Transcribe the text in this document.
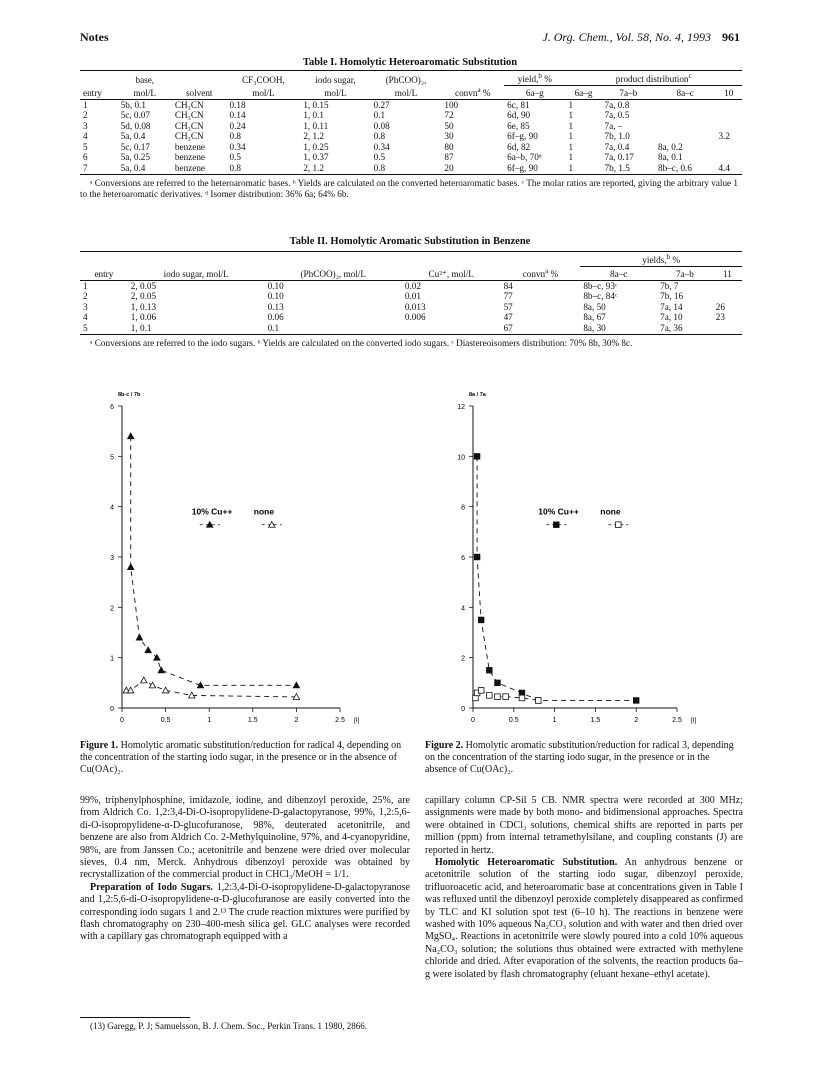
Notes	J. Org. Chem., Vol. 58, No. 4, 1993 961
Table I. Homolytic Heteroaromatic Substitution
	base,		CF₃COOH,	iodo sugar,	(PhCOO)₂,		yield,$^b$ %	product distribution$^c$
entry	mol/L	solvent	mol/L	mol/L	mol/L	convn$^a$ %	6a–g	6a–g	7a–b	8a–c	10
1	5b, 0.1	CH₃CN	0.18	1, 0.15	0.27	100	6c, 81	1	7a, 0.8		
2	5c, 0.07	CH₃CN	0.14	1, 0.1	0.1	72	6d, 90	1	7a, 0.5		
3	5d, 0.08	CH₃CN	0.24	1, 0.11	0.08	50	6e, 85	1	7a, –		
4	5a, 0.4	CH₃CN	0.8	2, 1.2	0.8	30	6f–g, 90	1	7b, 1.0		3.2
5	5c, 0.17	benzene	0.34	1, 0.25	0.34	80	6d, 82	1	7a, 0.4	8a, 0.2	
6	5a, 0.25	benzene	0.5	1, 0.37	0.5	87	6a–b, 70ᵈ	1	7a, 0.17	8a, 0.1	
7	5a, 0.4	benzene	0.8	2, 1.2	0.8	20	6f–g, 90	1	7b, 1.5	8b–c, 0.6	4.4
ᵃ Conversions are referred to the heteroaromatic bases. ᵇ Yields are calculated on the converted heteroaromatic bases. ᶜ The molar ratios are reported, giving the arbitrary value 1 to the heteroaromatic derivatives. ᵈ Isomer distribution: 36% 6a; 64% 6b.
Table II. Homolytic Aromatic Substitution in Benzene
					yields,$^b$ %		
entry	iodo sugar, mol/L	(PhCOO)₂, mol/L	Cu²⁺, mol/L	convn$^a$ %	8a–c	7a–b	11
1	2, 0.05	0.10	0.02	84	8b–c, 93ᶜ	7b, 7	
2	2, 0.05	0.10	0.01	77	8b–c, 84ᶜ	7b, 16	
3	1, 0.13	0.13	0.013	57	8a, 50	7a, 14	26
4	1, 0.06	0.06	0.006	47	8a, 67	7a, 10	23
5	1, 0.1	0.1		67	8a, 30	7a, 36	
ᵃ Conversions are referred to the iodo sugars. ᵇ Yields are calculated on the converted iodo sugars. ᶜ Diastereoisomers distribution: 70% 8b, 30% 8c.
0
1
2
3
4
5
6
0	0.5	1	1.5	2	2.5
8b-c / 7b
[I]
10% Cu++	none
0
2
4
6
8
10
12
0	0.5	1	1.5	2	2.5
8a / 7a
[I]
10% Cu++	none
Figure 1. Homolytic aromatic substitution/reduction for radical 4, depending on the concentration of the starting iodo sugar, in the presence or in the absence of Cu(OAc)₂.
Figure 2. Homolytic aromatic substitution/reduction for radical 3, depending on the concentration of the starting iodo sugar, in the presence or in the absence of Cu(OAc)₂.

99%, triphenylphosphine, imidazole, iodine, and dibenzoyl peroxide, 25%, are from Aldrich Co. 1,2:3,4-Di-O-isopropylidene-D-galactopyranose, 99%, 1,2:5,6-di-O-isopropylidene-α-D-glucofuranose, 98%, deuterated acetonitrile, and benzene are also from Aldrich Co. 2-Methylquinoline, 97%, and 4-cyanopyridine, 98%, are from Janssen Co.; acetonitrile and benzene were dried over molecular sieves, 0.4 nm, Merck. Anhydrous dibenzoyl peroxide was obtained by recrystallization of the commercial product in CHCl₃/MeOH = 1/1.

Preparation of Iodo Sugars. 1,2:3,4-Di-O-isopropylidene-D-galactopyranose and 1,2:5,6-di-O-isopropylidene-α-D-glucofuranose are easily converted into the corresponding iodo sugars 1 and 2.¹³ The crude reaction mixtures were purified by flash chromatography on 230–400-mesh silica gel. GLC analyses were recorded with a capillary gas chromatograph equipped with a

(13) Garegg, P. J; Samuelsson, B. J. Chem. Soc., Perkin Trans. 1 1980, 2866.

capillary column CP-Sil 5 CB. NMR spectra were recorded at 300 MHz; assignments were made by both mono- and bidimensional approaches. Spectra were obtained in CDCl₃ solutions, chemical shifts are reported in parts per million (ppm) from internal tetramethylsilane, and coupling constants (J) are reported in hertz.

Homolytic Heteroaromatic Substitution. An anhydrous benzene or acetonitrile solution of the starting iodo sugar, dibenzoyl peroxide, trifluoroacetic acid, and heteroaromatic base at concentrations given in Table I was refluxed until the dibenzoyl peroxide completely disappeared as confirmed by TLC and KI solution spot test (6–10 h). The reactions in benzene were washed with 10% aqueous Na₂CO₃ solution and with water and then dried over MgSO₄. Reactions in acetonitrile were slowly poured into a cold 10% aqueous Na₂CO₃ solution; the solutions thus obtained were extracted with methylene chloride and dried. After evaporation of the solvents, the reaction products 6a–g were isolated by flash chromatography (eluant hexane–ethyl acetate).
